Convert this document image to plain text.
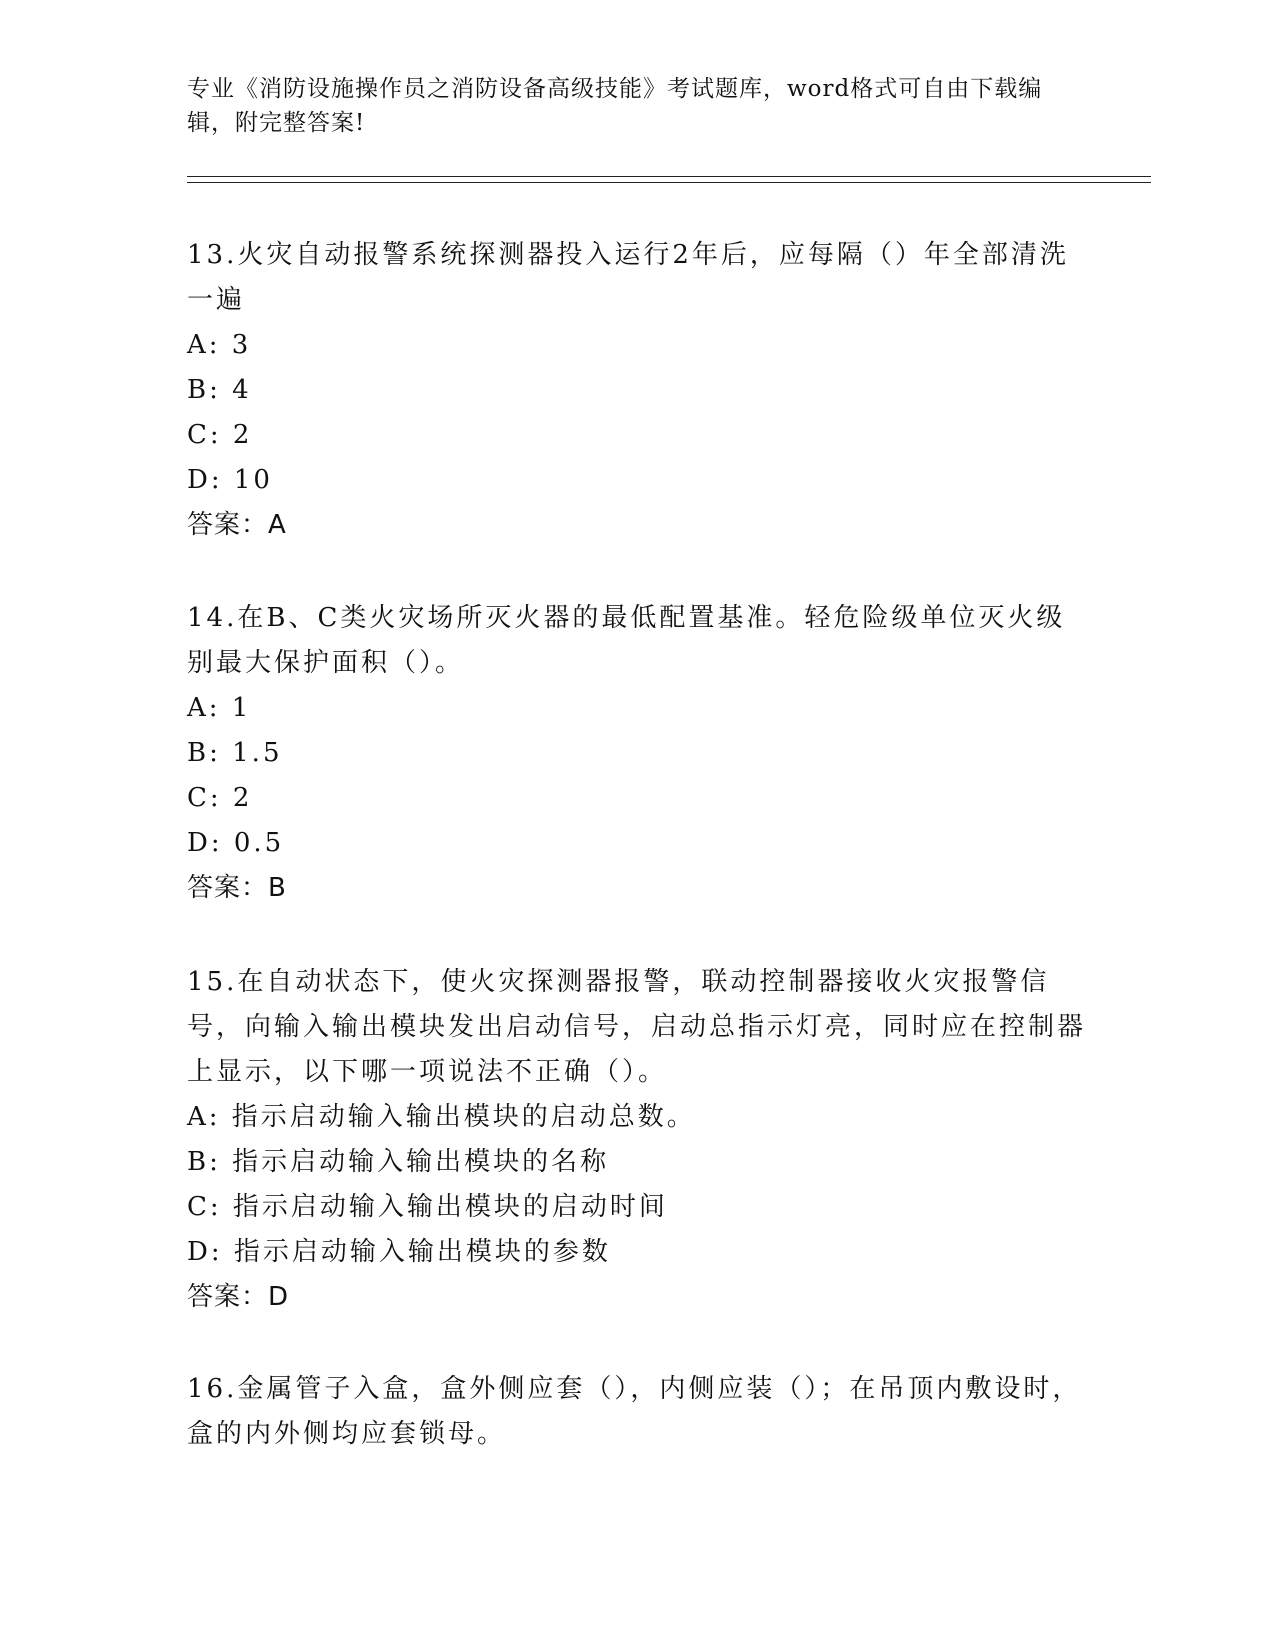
专业《消防设施操作员之消防设备高级技能》考试题库，word格式可自由下载编辑，附完整答案!
13.火灾自动报警系统探测器投入运行2年后，应每隔（）年全部清洗一遍
A: 3
B: 4
C: 2
D: 10
答案：A
14.在B、C类火灾场所灭火器的最低配置基准。轻危险级单位灭火级别最大保护面积（）。
A: 1
B: 1.5
C: 2
D: 0.5
答案：B
15.在自动状态下，使火灾探测器报警，联动控制器接收火灾报警信号，向输入输出模块发出启动信号，启动总指示灯亮，同时应在控制器上显示，以下哪一项说法不正确（）。
A: 指示启动输入输出模块的启动总数。
B: 指示启动输入输出模块的名称
C: 指示启动输入输出模块的启动时间
D: 指示启动输入输出模块的参数
答案：D
16.金属管子入盒，盒外侧应套（），内侧应装（）；在吊顶内敷设时，盒的内外侧均应套锁母。
